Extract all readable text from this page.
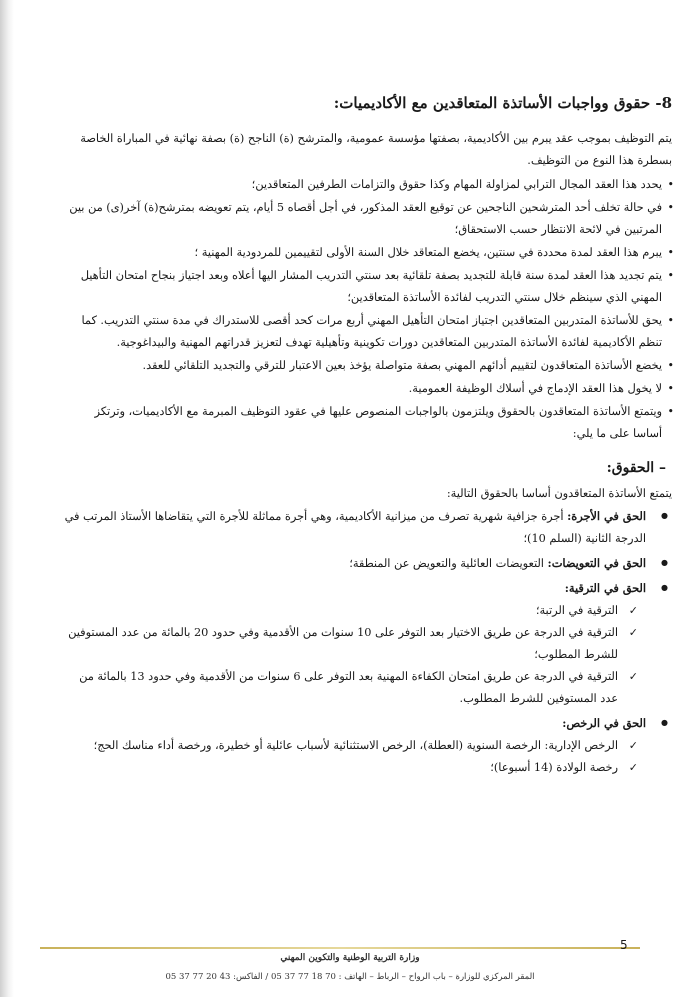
8- حقوق وواجبات الأساتذة المتعاقدين مع الأكاديميات:

يتم التوظيف بموجب عقد يبرم بين الأكاديمية، بصفتها مؤسسة عمومية، والمترشح (ة) الناجح (ة) بصفة نهائية في المباراة الخاصة بسطرة هذا النوع من التوظيف.

• يحدد هذا العقد المجال الترابي لمزاولة المهام وكذا حقوق والتزامات الطرفين المتعاقدين؛
• في حالة تخلف أحد المترشحين الناجحين عن توقيع العقد المذكور، في أجل أقصاه 5 أيام، يتم تعويضه بمترشح(ة) آخر(ى) من بين المرتبين في لائحة الانتظار حسب الاستحقاق؛
• يبرم هذا العقد لمدة محددة في سنتين، يخضع المتعاقد خلال السنة الأولى لتقييمين للمردودية المهنية ؛
• يتم تجديد هذا العقد لمدة سنة قابلة للتجديد بصفة تلقائية بعد سنتي التدريب المشار اليها أعلاه وبعد اجتياز بنجاح امتحان التأهيل المهني الذي سينظم خلال سنتي التدريب لفائدة الأساتذة المتعاقدين؛
• يحق للأساتذة المتدربين المتعاقدين اجتياز امتحان التأهيل المهني أربع مرات كحد أقصى للاستدراك في مدة سنتي التدريب. كما تنظم الأكاديمية لفائدة الأساتذة المتدربين المتعاقدين دورات تكوينية وتأهيلية تهدف لتعزيز قدراتهم المهنية والبيداغوجية.
• يخضع الأساتذة المتعاقدون لتقييم أدائهم المهني بصفة متواصلة يؤخذ بعين الاعتبار للترقي والتجديد التلقائي للعقد.
• لا يخول هذا العقد الإدماج في أسلاك الوظيفة العمومية.
• ويتمتع الأساتذة المتعاقدون بالحقوق ويلتزمون بالواجبات المنصوص عليها في عقود التوظيف المبرمة مع الأكاديميات، وترتكز أساسا على ما يلي:
– الحقوق:

يتمتع الأساتذة المتعاقدون أساسا بالحقوق التالية:

● الحق في الأجرة: أجرة جزافية شهرية تصرف من ميزانية الأكاديمية، وهي أجرة مماثلة للأجرة التي يتقاضاها الأستاذ المرتب في الدرجة الثانية (السلم 10)؛
● الحق في التعويضات: التعويضات العائلية والتعويض عن المنطقة؛
● الحق في الترقية:
✓ الترقية في الرتبة؛
✓ الترقية في الدرجة عن طريق الاختيار بعد التوفر على 10 سنوات من الأقدمية وفي حدود 20 بالمائة من عدد المستوفين للشرط المطلوب؛
✓ الترقية في الدرجة عن طريق امتحان الكفاءة المهنية بعد التوفر على 6 سنوات من الأقدمية وفي حدود 13 بالمائة من عدد المستوفين للشرط المطلوب.
● الحق في الرخص:
✓ الرخص الإدارية: الرخصة السنوية (العطلة)، الرخص الاستثنائية لأسباب عائلية أو خطيرة، ورخصة أداء مناسك الحج؛
✓ رخصة الولادة (14 أسبوعا)؛
5
وزارة التربية الوطنية والتكوين المهني
المقر المركزي للوزارة – باب الرواح – الرباط – الهاتف : 70 18 77 37 05 / الفاكس: 43 20 77 37 05
